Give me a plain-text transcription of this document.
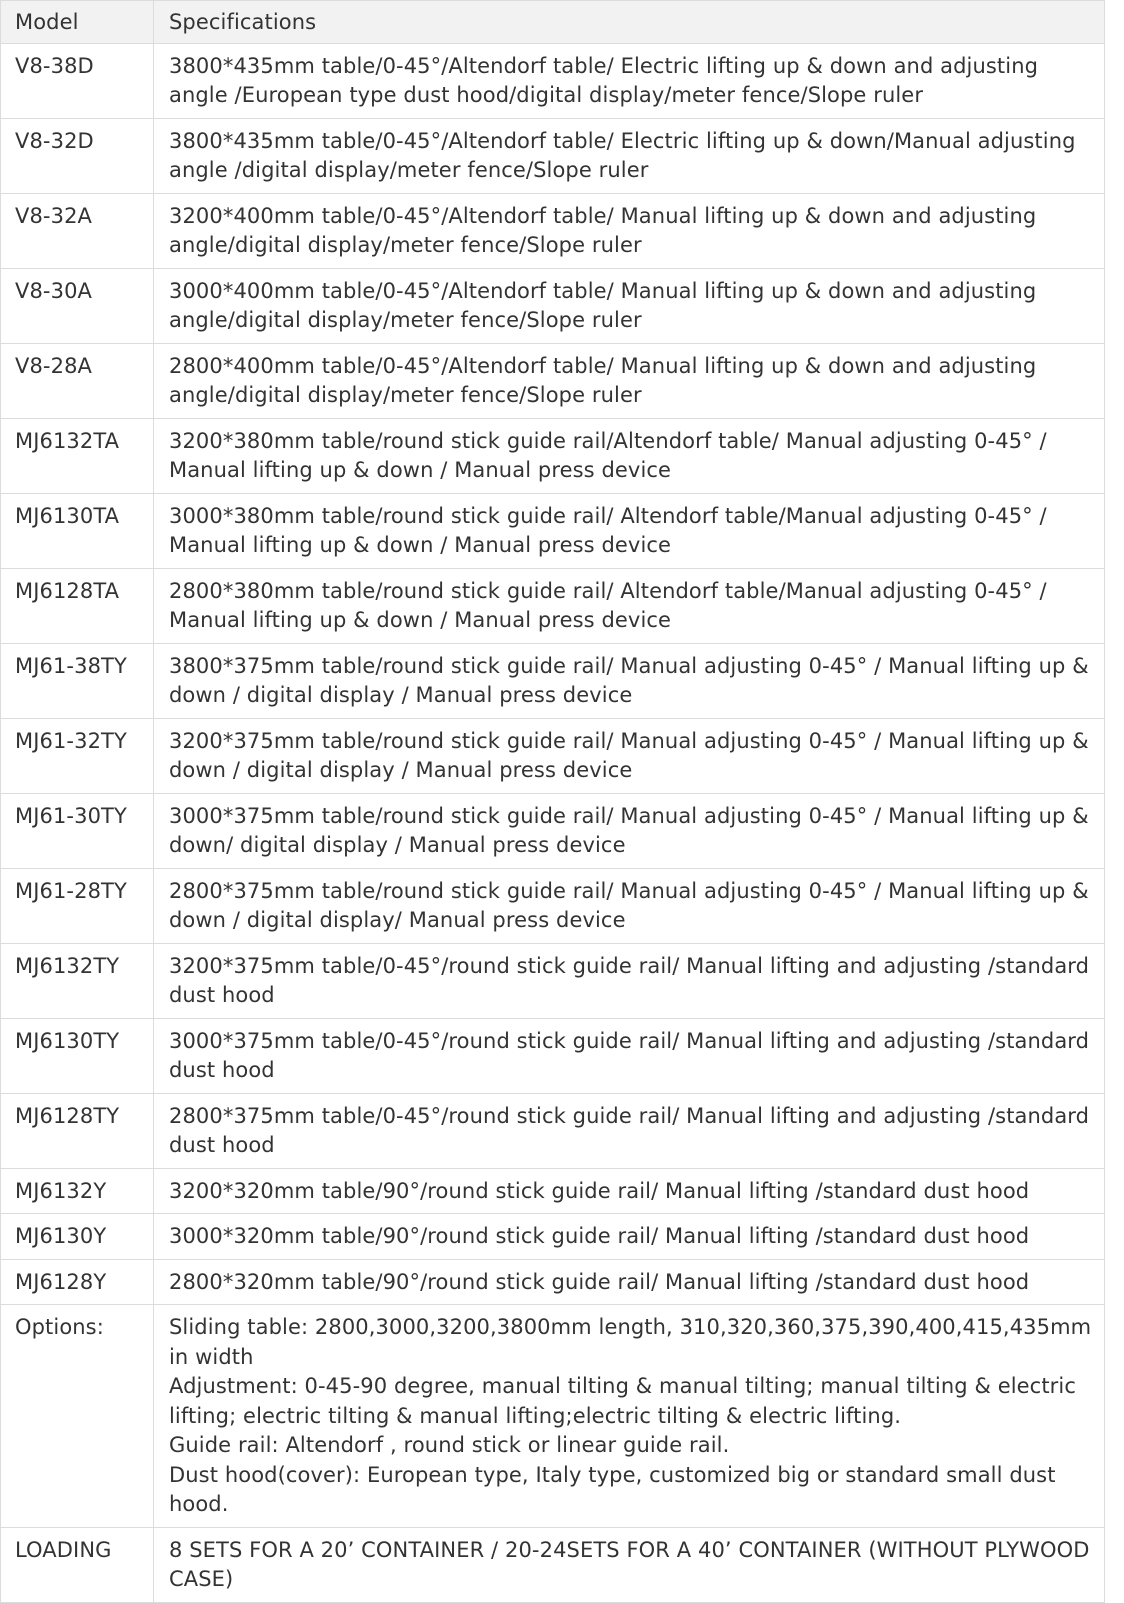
Model	Specifications
V8-38D	3800*435mm table/0-45°/Altendorf table/ Electric lifting up & down and adjusting angle /European type dust hood/digital display/meter fence/Slope ruler
V8-32D	3800*435mm table/0-45°/Altendorf table/ Electric lifting up & down/Manual adjusting angle /digital display/meter fence/Slope ruler
V8-32A	3200*400mm table/0-45°/Altendorf table/ Manual lifting up & down and adjusting angle/digital display/meter fence/Slope ruler
V8-30A	3000*400mm table/0-45°/Altendorf table/ Manual lifting up & down and adjusting angle/digital display/meter fence/Slope ruler
V8-28A	2800*400mm table/0-45°/Altendorf table/ Manual lifting up & down and adjusting angle/digital display/meter fence/Slope ruler
MJ6132TA	3200*380mm table/round stick guide rail/Altendorf table/ Manual adjusting 0-45° / Manual lifting up & down / Manual press device
MJ6130TA	3000*380mm table/round stick guide rail/ Altendorf table/Manual adjusting 0-45° / Manual lifting up & down / Manual press device
MJ6128TA	2800*380mm table/round stick guide rail/ Altendorf table/Manual adjusting 0-45° / Manual lifting up & down / Manual press device
MJ61-38TY	3800*375mm table/round stick guide rail/ Manual adjusting 0-45° / Manual lifting up & down / digital display / Manual press device
MJ61-32TY	3200*375mm table/round stick guide rail/ Manual adjusting 0-45° / Manual lifting up & down / digital display / Manual press device
MJ61-30TY	3000*375mm table/round stick guide rail/ Manual adjusting 0-45° / Manual lifting up & down/ digital display / Manual press device
MJ61-28TY	2800*375mm table/round stick guide rail/ Manual adjusting 0-45° / Manual lifting up & down / digital display/ Manual press device
MJ6132TY	3200*375mm table/0-45°/round stick guide rail/ Manual lifting and adjusting /standard dust hood
MJ6130TY	3000*375mm table/0-45°/round stick guide rail/ Manual lifting and adjusting /standard dust hood
MJ6128TY	2800*375mm table/0-45°/round stick guide rail/ Manual lifting and adjusting /standard dust hood
MJ6132Y	3200*320mm table/90°/round stick guide rail/ Manual lifting /standard dust hood
MJ6130Y	3000*320mm table/90°/round stick guide rail/ Manual lifting /standard dust hood
MJ6128Y	2800*320mm table/90°/round stick guide rail/ Manual lifting /standard dust hood
Options:	Sliding table: 2800,3000,3200,3800mm length, 310,320,360,375,390,400,415,435mm in width
Adjustment: 0-45-90 degree, manual tilting & manual tilting; manual tilting & electric lifting; electric tilting & manual lifting;electric tilting & electric lifting.
Guide rail: Altendorf , round stick or linear guide rail.
Dust hood(cover): European type, Italy type, customized big or standard small dust hood.

LOADING	8 SETS FOR A 20’ CONTAINER / 20-24SETS FOR A 40’ CONTAINER (WITHOUT PLYWOOD CASE)
